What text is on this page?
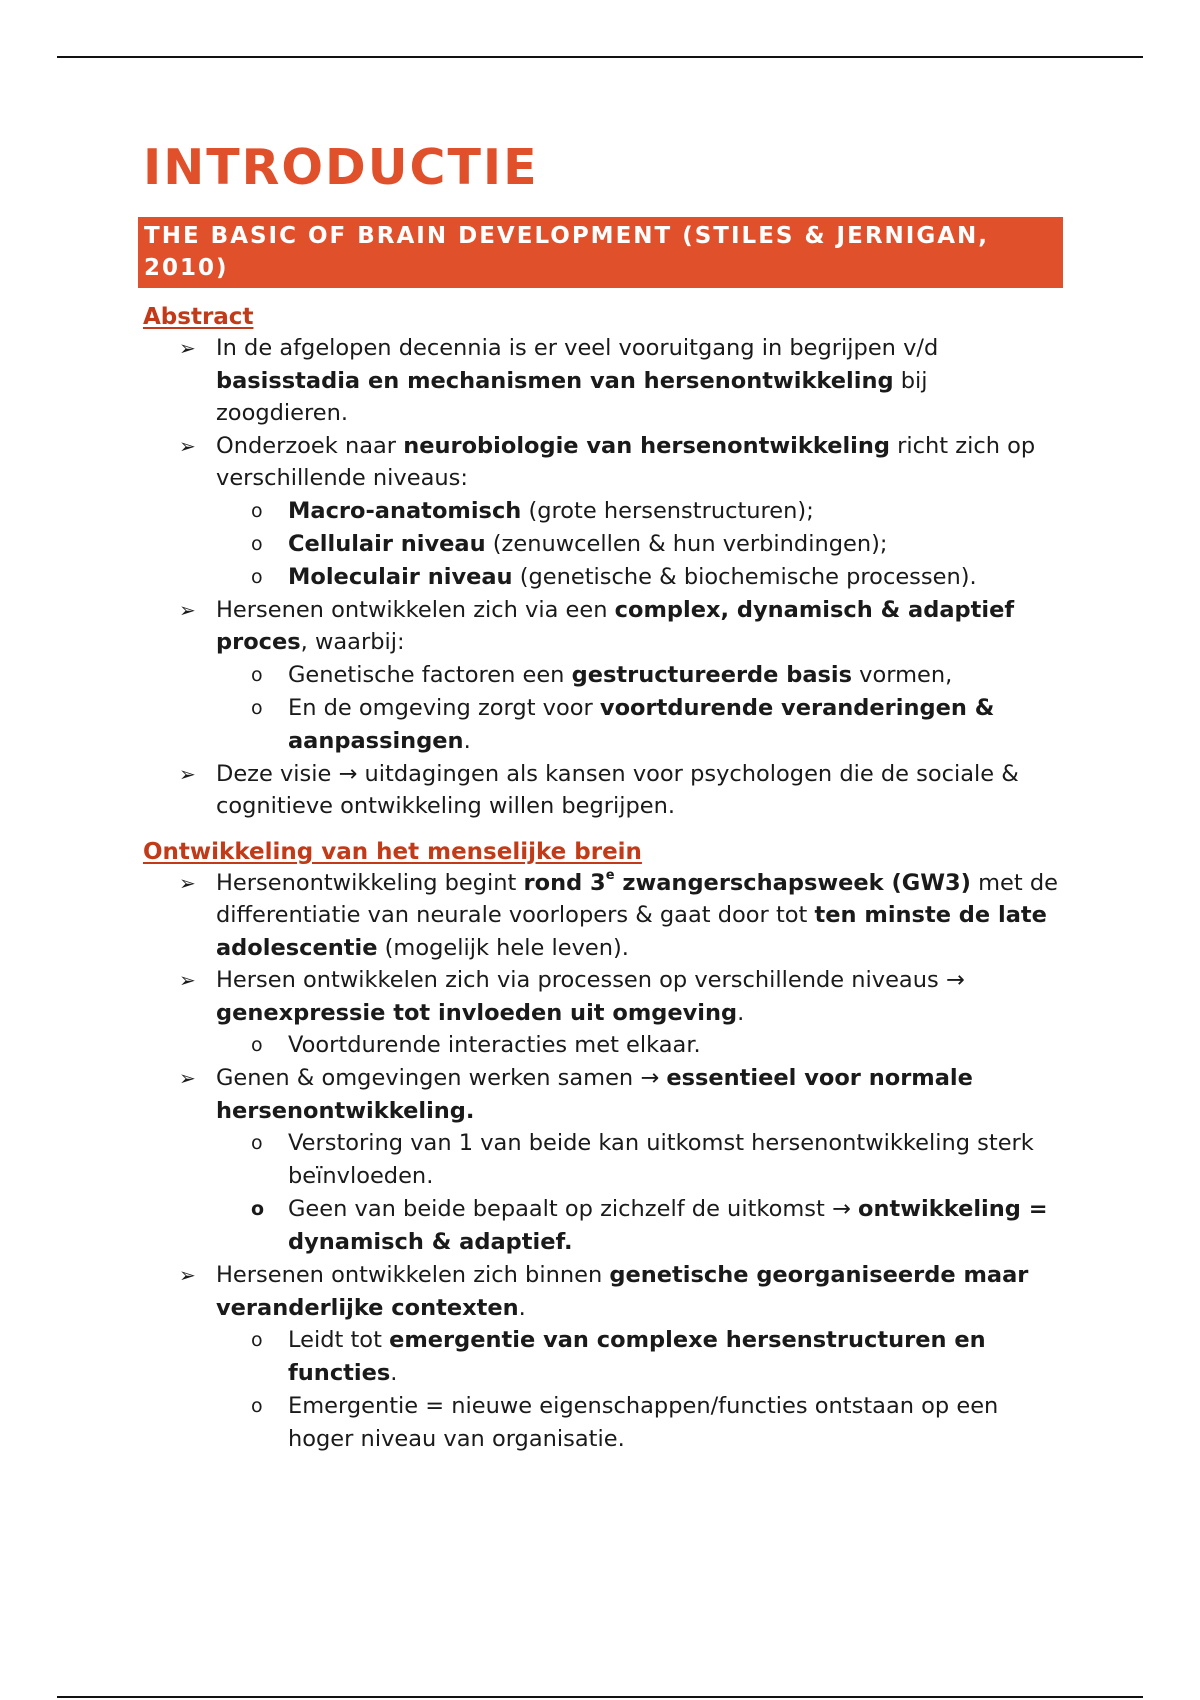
INTRODUCTIE
THE BASIC OF BRAIN DEVELOPMENT (STILES & JERNIGAN, 2010)
Abstract
➢ In de afgelopen decennia is er veel vooruitgang in begrijpen v/d basisstadia en mechanismen van hersenontwikkeling bij zoogdieren.
➢ Onderzoek naar neurobiologie van hersenontwikkeling richt zich op verschillende niveaus:
o Macro-anatomisch (grote hersenstructuren);
o Cellulair niveau (zenuwcellen & hun verbindingen);
o Moleculair niveau (genetische & biochemische processen).
➢ Hersenen ontwikkelen zich via een complex, dynamisch & adaptief proces, waarbij:
o Genetische factoren een gestructureerde basis vormen,
o En de omgeving zorgt voor voortdurende veranderingen & aanpassingen.
➢ Deze visie → uitdagingen als kansen voor psychologen die de sociale & cognitieve ontwikkeling willen begrijpen.
Ontwikkeling van het menselijke brein
➢ Hersenontwikkeling begint rond 3e zwangerschapsweek (GW3) met de differentiatie van neurale voorlopers & gaat door tot ten minste de late adolescentie (mogelijk hele leven).
➢ Hersen ontwikkelen zich via processen op verschillende niveaus → genexpressie tot invloeden uit omgeving.
o Voortdurende interacties met elkaar.
➢ Genen & omgevingen werken samen → essentieel voor normale hersenontwikkeling.
o Verstoring van 1 van beide kan uitkomst hersenontwikkeling sterk beïnvloeden.
o Geen van beide bepaalt op zichzelf de uitkomst → ontwikkeling = dynamisch & adaptief.
➢ Hersenen ontwikkelen zich binnen genetische georganiseerde maar veranderlijke contexten.
o Leidt tot emergentie van complexe hersenstructuren en functies.
o Emergentie = nieuwe eigenschappen/functies ontstaan op een hoger niveau van organisatie.
